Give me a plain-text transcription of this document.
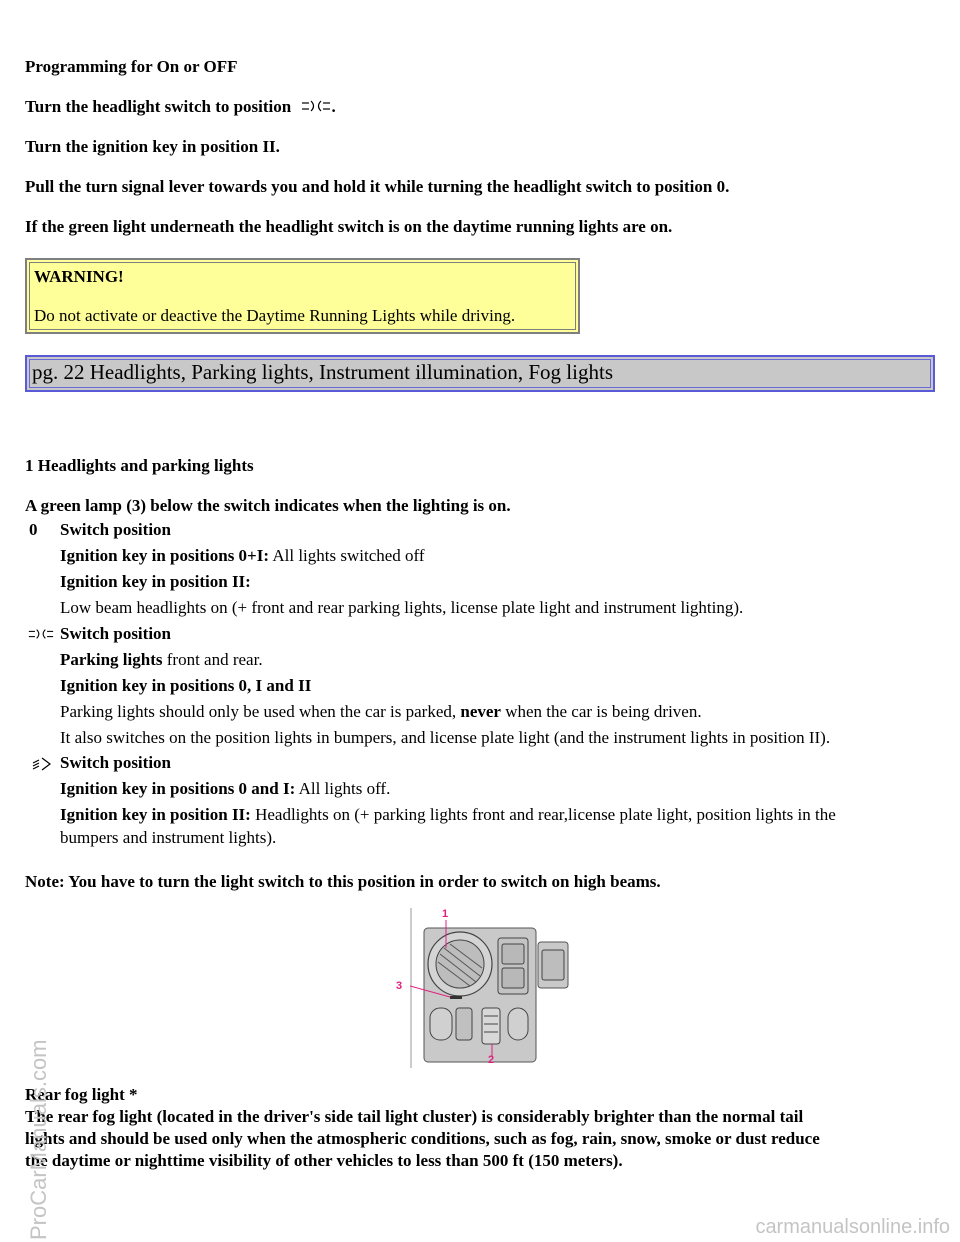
Programming for On or OFF
Turn the headlight switch to position .
Turn the ignition key in position II.
Pull the turn signal lever towards you and hold it while turning the headlight switch to position 0.
If the green light underneath the headlight switch is on the daytime running lights are on.
WARNING!
Do not activate or deactive the Daytime Running Lights while driving.
pg. 22 Headlights, Parking lights, Instrument illumination, Fog lights
1 Headlights and parking lights
A green lamp (3) below the switch indicates when the lighting is on.
0 Switch position
Ignition key in positions 0+I: All lights switched off
Ignition key in position II:
Low beam headlights on (+ front and rear parking lights, license plate light and instrument lighting).
Switch position
Parking lights front and rear.
Ignition key in positions 0, I and II
Parking lights should only be used when the car is parked, never when the car is being driven.
It also switches on the position lights in bumpers, and license plate light (and the instrument lights in position II).
Switch position
Ignition key in positions 0 and I: All lights off.
Ignition key in position II: Headlights on (+ parking lights front and rear,license plate light, position lights in the
bumpers and instrument lights).
Note: You have to turn the light switch to this position in order to switch on high beams.
1
3
2
Rear fog light *
The rear fog light (located in the driver's side tail light cluster) is considerably brighter than the normal tail
lights and should be used only when the atmospheric conditions, such as fog, rain, snow, smoke or dust reduce
the daytime or nighttime visibility of other vehicles to less than 500 ft (150 meters).
ProCarManuals.com	carmanualsonline.info
